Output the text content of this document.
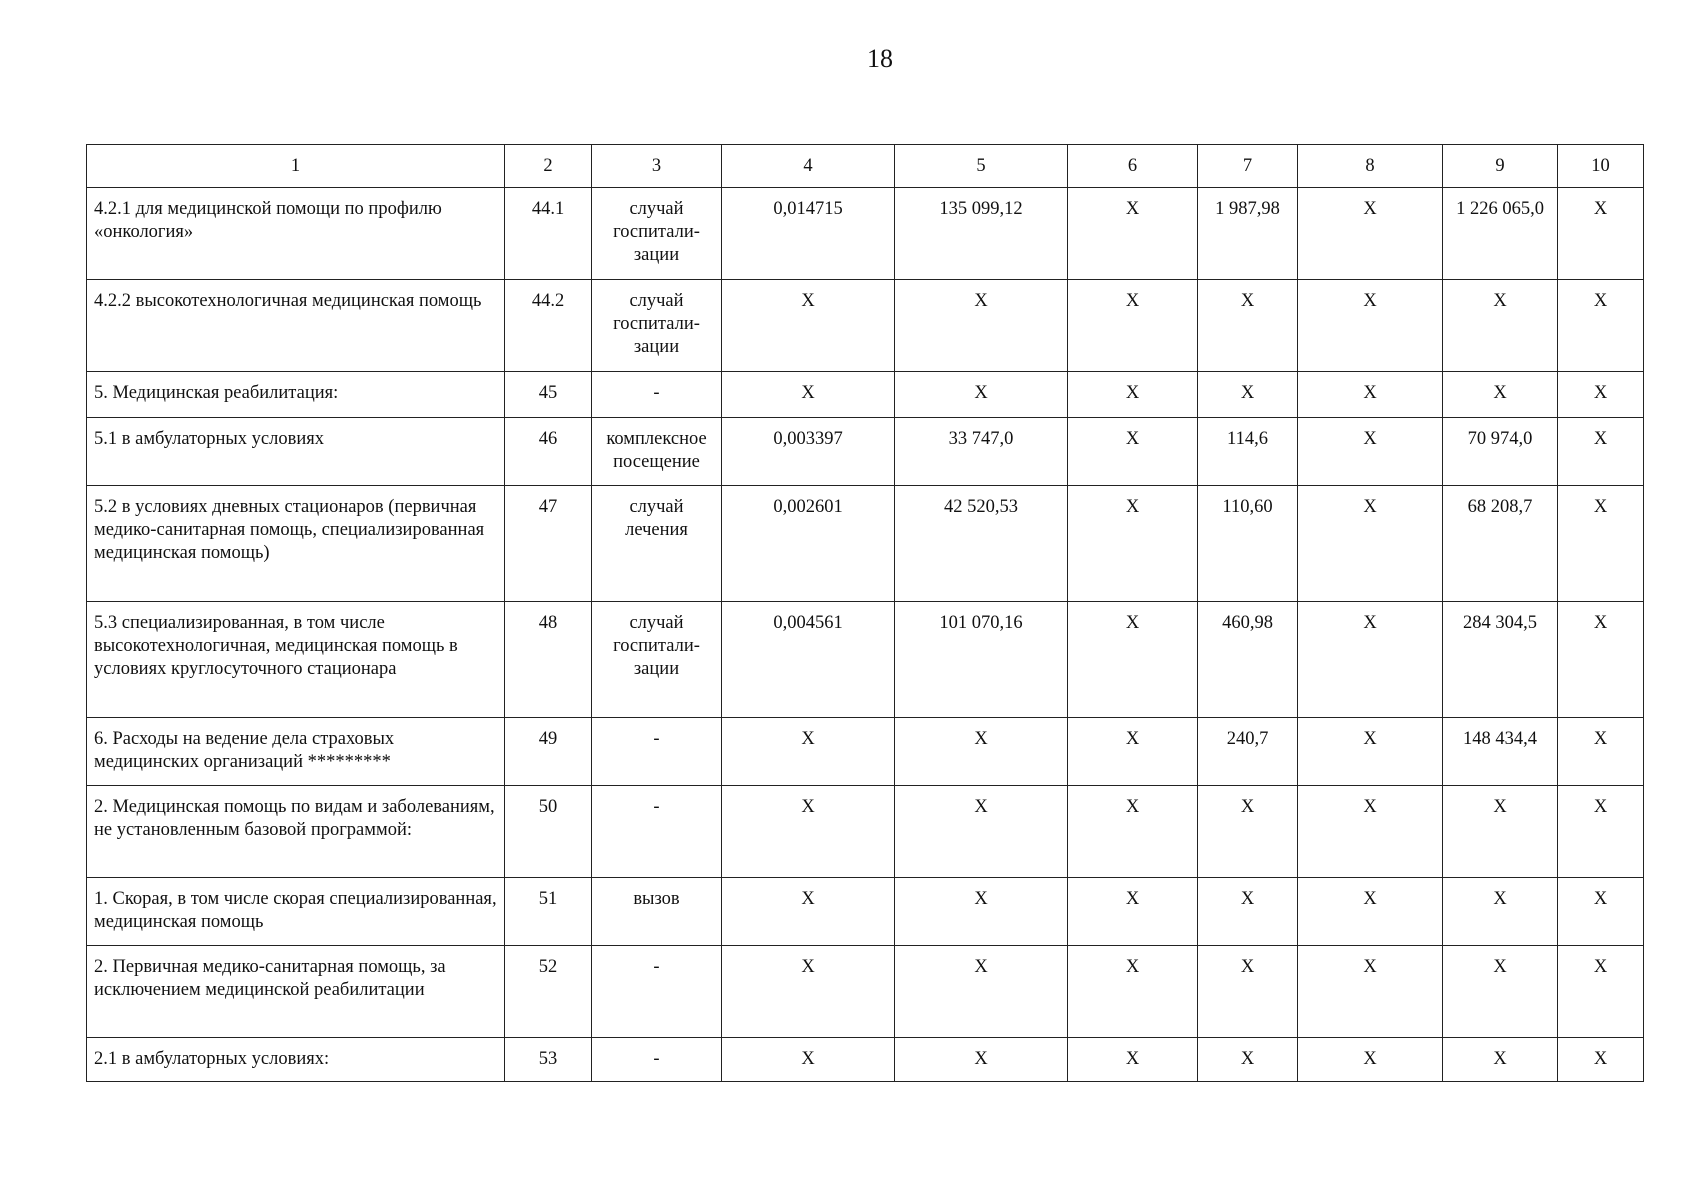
18
1	2	3	4	5	6	7	8	9	10
4.2.1 для медицинской помощи по профилю «онкология»	44.1	случай госпитали-зации	0,014715	135 099,12	X	1 987,98	X	1 226 065,0	X
4.2.2 высокотехнологичная медицинская помощь	44.2	случай госпитали-зации	X	X	X	X	X	X	X
5. Медицинская реабилитация:	45	-	X	X	X	X	X	X	X
5.1 в амбулаторных условиях	46	комплексное посещение	0,003397	33 747,0	X	114,6	X	70 974,0	X
5.2 в условиях дневных стационаров (первичная медико-санитарная помощь, специализированная медицинская помощь)	47	случай лечения	0,002601	42 520,53	X	110,60	X	68 208,7	X
5.3 специализированная, в том числе высокотехнологичная, медицинская помощь в условиях круглосуточного стационара	48	случай госпитали-зации	0,004561	101 070,16	X	460,98	X	284 304,5	X
6. Расходы на ведение дела страховых медицинских организаций *********	49	-	X	X	X	240,7	X	148 434,4	X
2. Медицинская помощь по видам и заболеваниям, не установленным базовой программой:	50	-	X	X	X	X	X	X	X
1. Скорая, в том числе скорая специализированная, медицинская помощь	51	вызов	X	X	X	X	X	X	X
2. Первичная медико-санитарная помощь, за исключением медицинской реабилитации	52	-	X	X	X	X	X	X	X
2.1 в амбулаторных условиях:	53	-	X	X	X	X	X	X	X
